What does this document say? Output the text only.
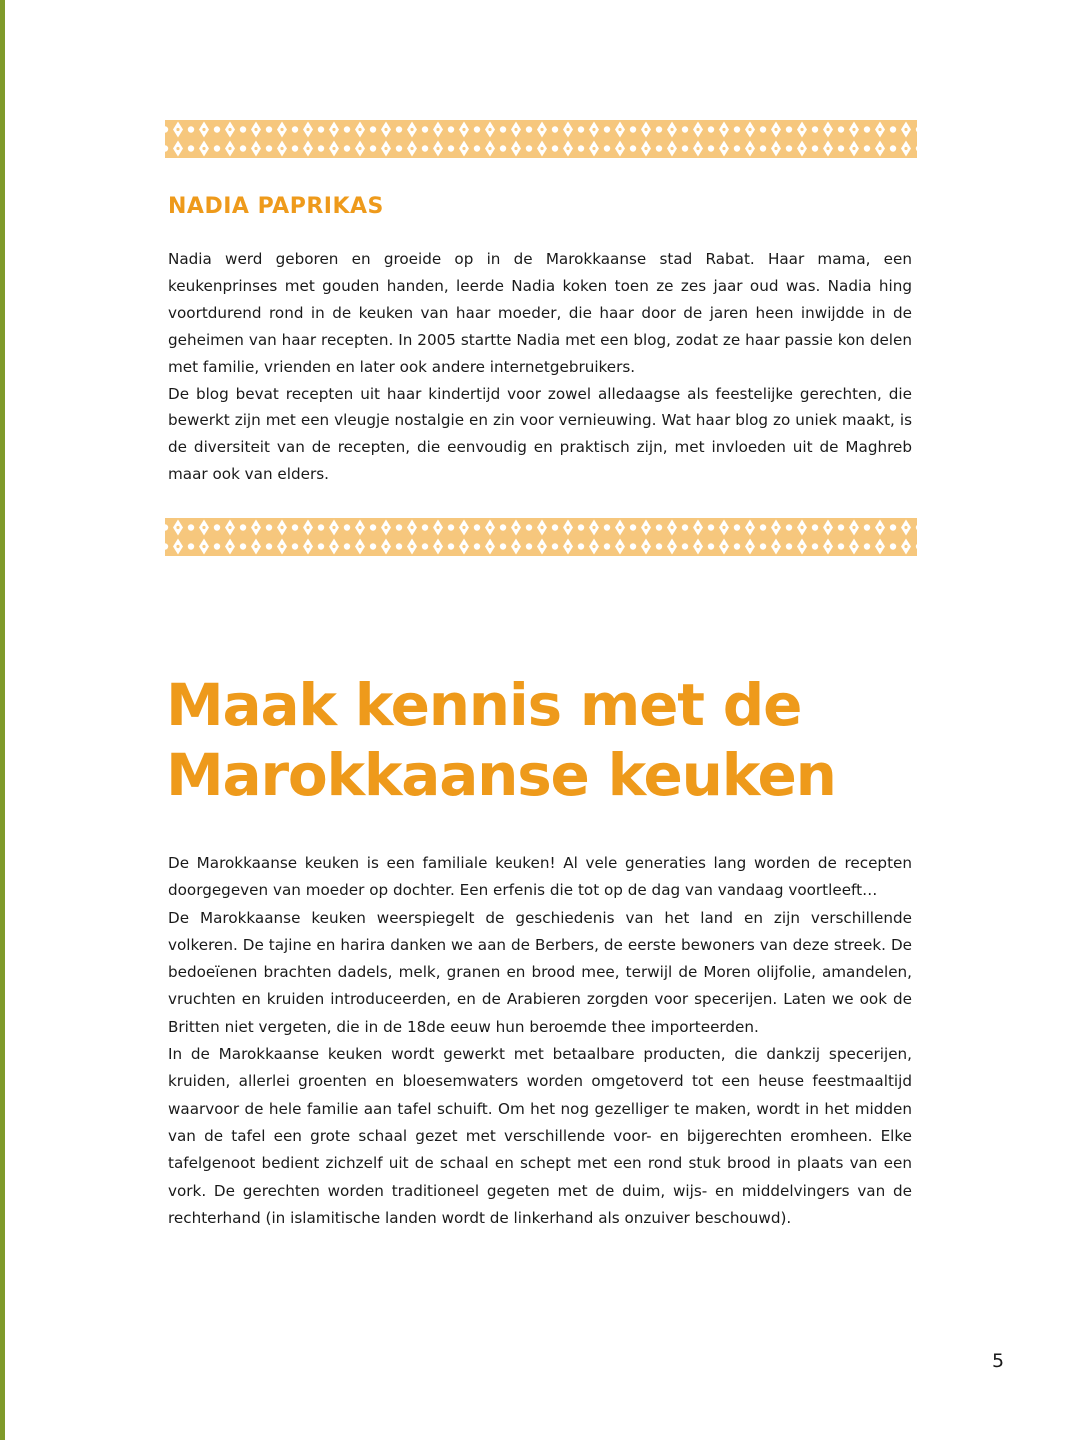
NADIA PAPRIKAS

Nadia werd geboren en groeide op in de Marokkaanse stad Rabat. Haar mama, een keukenprinses met gouden handen, leerde Nadia koken toen ze zes jaar oud was. Nadia hing voortdurend rond in de keuken van haar moeder, die haar door de jaren heen inwijdde in de geheimen van haar recepten. In 2005 startte Nadia met een blog, zodat ze haar passie kon delen met familie, vrienden en later ook andere internetgebruikers.

De blog bevat recepten uit haar kindertijd voor zowel alledaagse als feestelijke gerechten, die bewerkt zijn met een vleugje nostalgie en zin voor vernieuwing. Wat haar blog zo uniek maakt, is de diversiteit van de recepten, die eenvoudig en praktisch zijn, met invloeden uit de Maghreb maar ook van elders.

Maak kennis met de
Marokkaanse keuken

De Marokkaanse keuken is een familiale keuken! Al vele generaties lang worden de recepten doorgegeven van moeder op dochter. Een erfenis die tot op de dag van vandaag voortleeft…

De Marokkaanse keuken weerspiegelt de geschiedenis van het land en zijn verschillende volkeren. De tajine en harira danken we aan de Berbers, de eerste bewoners van deze streek. De bedoeïenen brachten dadels, melk, granen en brood mee, terwijl de Moren olijfolie, amandelen, vruchten en kruiden introduceerden, en de Arabieren zorgden voor specerijen. Laten we ook de Britten niet vergeten, die in de 18de eeuw hun beroemde thee importeerden.

In de Marokkaanse keuken wordt gewerkt met betaalbare producten, die dankzij specerijen, kruiden, allerlei groenten en bloesemwaters worden omgetoverd tot een heuse feestmaaltijd waarvoor de hele familie aan tafel schuift. Om het nog gezelliger te maken, wordt in het midden van de tafel een grote schaal gezet met verschillende voor- en bijgerechten eromheen. Elke tafelgenoot bedient zichzelf uit de schaal en schept met een rond stuk brood in plaats van een vork. De gerechten worden traditioneel gegeten met de duim, wijs- en middelvingers van de rechterhand (in islamitische landen wordt de linkerhand als onzuiver beschouwd).

5
